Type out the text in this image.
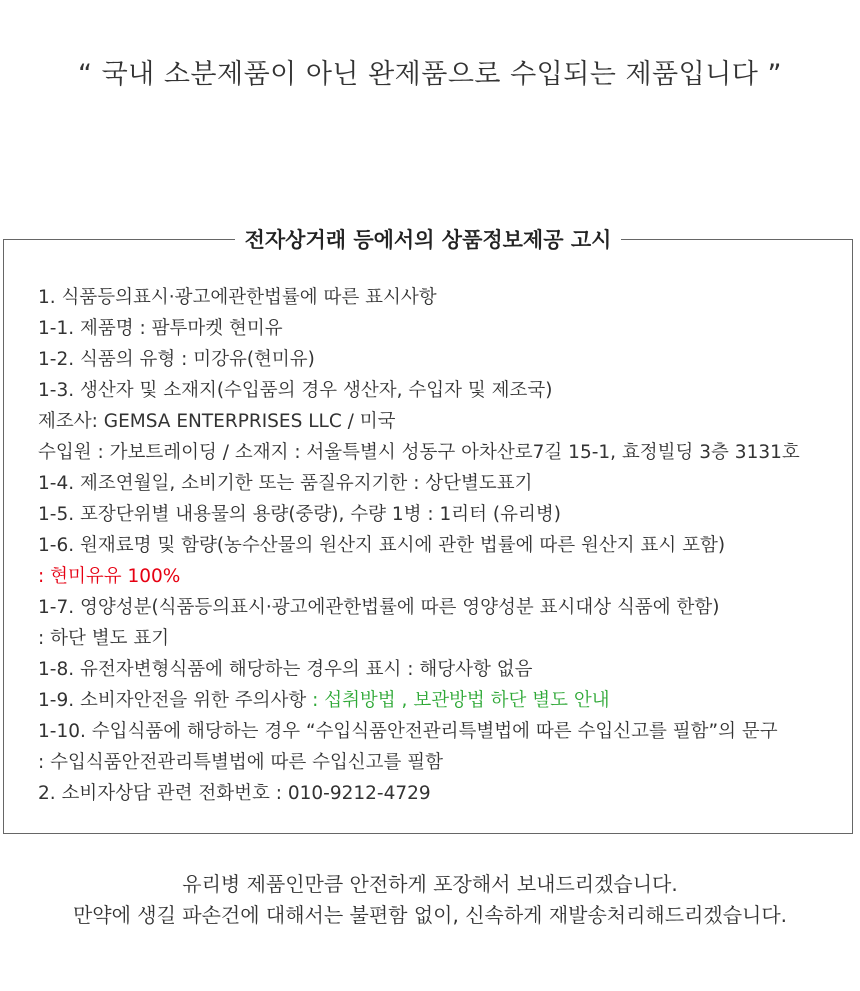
“ 국내 소분제품이 아닌 완제품으로 수입되는 제품입니다 ”
전자상거래 등에서의 상품정보제공 고시
1. 식품등의표시·광고에관한법률에 따른 표시사항
1-1. 제품명 : 팜투마켓 현미유
1-2. 식품의 유형 : 미강유(현미유)
1-3. 생산자 및 소재지(수입품의 경우 생산자, 수입자 및 제조국)
제조사: GEMSA ENTERPRISES LLC / 미국
수입원 : 가보트레이딩 / 소재지 : 서울특별시 성동구 아차산로7길 15-1, 효정빌딩 3층 3131호
1-4. 제조연월일, 소비기한 또는 품질유지기한 : 상단별도표기
1-5. 포장단위별 내용물의 용량(중량), 수량 1병 : 1리터 (유리병)
1-6. 원재료명 및 함량(농수산물의 원산지 표시에 관한 법률에 따른 원산지 표시 포함)
: 현미유유 100%
1-7. 영양성분(식품등의표시·광고에관한법률에 따른 영양성분 표시대상 식품에 한함)
: 하단 별도 표기
1-8. 유전자변형식품에 해당하는 경우의 표시 : 해당사항 없음
1-9. 소비자안전을 위한 주의사항 : 섭취방법 , 보관방법 하단 별도 안내
1-10. 수입식품에 해당하는 경우 “수입식품안전관리특별법에 따른 수입신고를 필함”의 문구
: 수입식품안전관리특별법에 따른 수입신고를 필함
2. 소비자상담 관련 전화번호 : 010-9212-4729
유리병 제품인만큼 안전하게 포장해서 보내드리겠습니다.
만약에 생길 파손건에 대해서는 불편함 없이, 신속하게 재발송처리해드리겠습니다.
